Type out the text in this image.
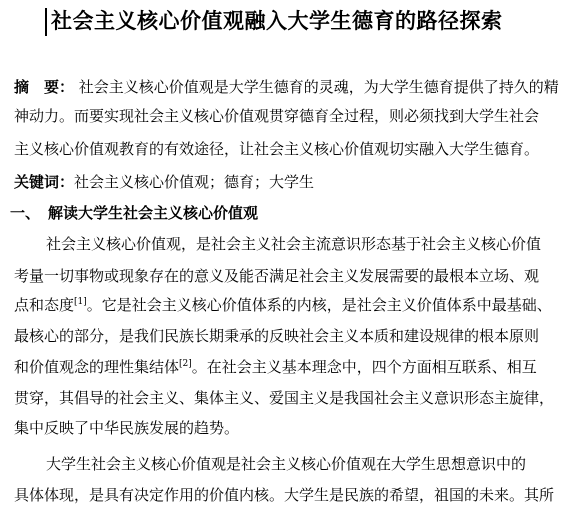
社会主义核心价值观融入大学生德育的路径探索
摘　要： 社会主义核心价值观是大学生德育的灵魂，为大学生德育提供了持久的精
神动力。而要实现社会主义核心价值观贯穿德育全过程，则必须找到大学生社会
主义核心价值观教育的有效途径，让社会主义核心价值观切实融入大学生德育。
关键词：社会主义核心价值观；德育；大学生
一、 解读大学生社会主义核心价值观
社会主义核心价值观，是社会主义社会主流意识形态基于社会主义核心价值
考量一切事物或现象存在的意义及能否满足社会主义发展需要的最根本立场、观
点和态度[1]。它是社会主义核心价值体系的内核，是社会主义价值体系中最基础、
最核心的部分，是我们民族长期秉承的反映社会主义本质和建设规律的根本原则
和价值观念的理性集结体[2]。在社会主义基本理念中，四个方面相互联系、相互
贯穿，其倡导的社会主义、集体主义、爱国主义是我国社会主义意识形态主旋律，
集中反映了中华民族发展的趋势。
大学生社会主义核心价值观是社会主义核心价值观在大学生思想意识中的
具体体现，是具有决定作用的价值内核。大学生是民族的希望，祖国的未来。其所
